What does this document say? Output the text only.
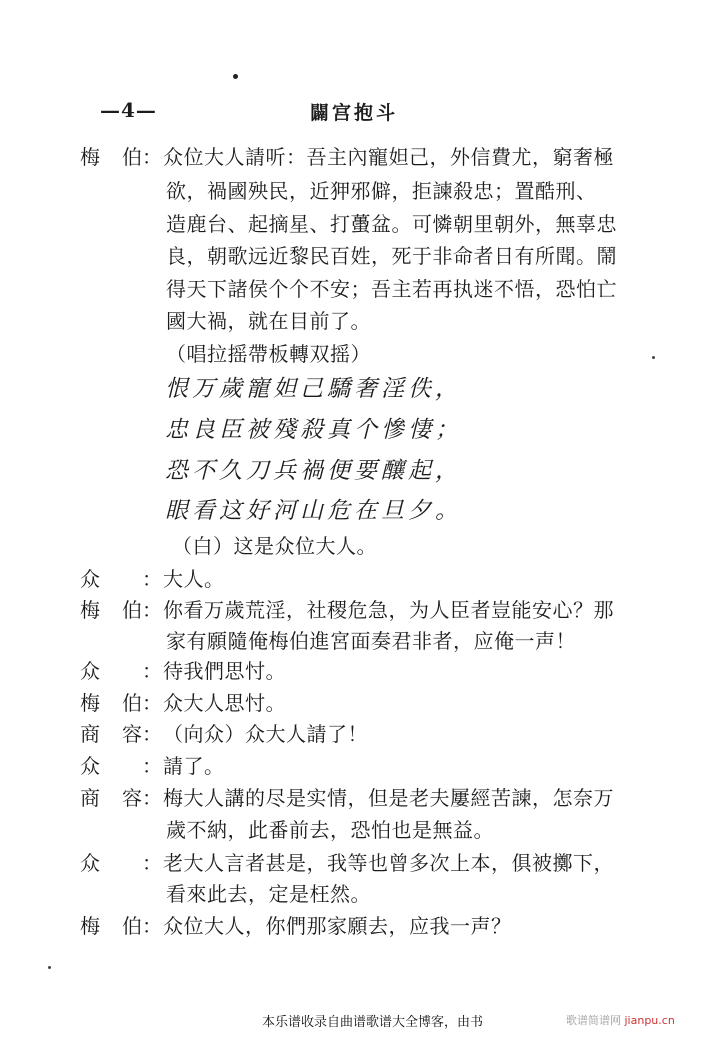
—4—	闢宫抱斗
梅 伯 ： 众位大人請听：吾主內寵妲己，外信費尤，窮奢極
欲，禍國殃民，近狎邪僻，拒諫殺忠；置酷刑、
造鹿台、起摘星、打蠆盆。可憐朝里朝外，無辜忠
良，朝歌远近黎民百姓，死于非命者日有所聞。鬧
得天下諸侯个个不安；吾主若再执迷不悟，恐怕亡
國大禍，就在目前了。
（唱拉摇帶板轉双摇）
恨万歲寵妲己驕奢淫佚，
忠良臣被殘殺真个慘悽；
恐不久刀兵禍便要釀起，
眼看这好河山危在旦夕。
（白）这是众位大人。
众 ： 大人。
梅 伯 ： 你看万歲荒淫，社稷危急，为人臣者豈能安心？那
家有願隨俺梅伯進宮面奏君非者，应俺一声！
众 ： 待我們思忖。
梅 伯 ： 众大人思忖。
商 容 ： （向众）众大人請了！
众 ： 請了。
商 容 ： 梅大人講的尽是实情，但是老夫屢經苦諫，怎奈万
歲不納，此番前去，恐怕也是無益。
众 ： 老大人言者甚是，我等也曾多次上本，俱被擲下，
看來此去，定是枉然。
梅 伯 ： 众位大人，你們那家願去，应我一声？
本乐谱收录自曲谱歌谱大全博客，由书	歌谱简谱网 jianpu.cn
